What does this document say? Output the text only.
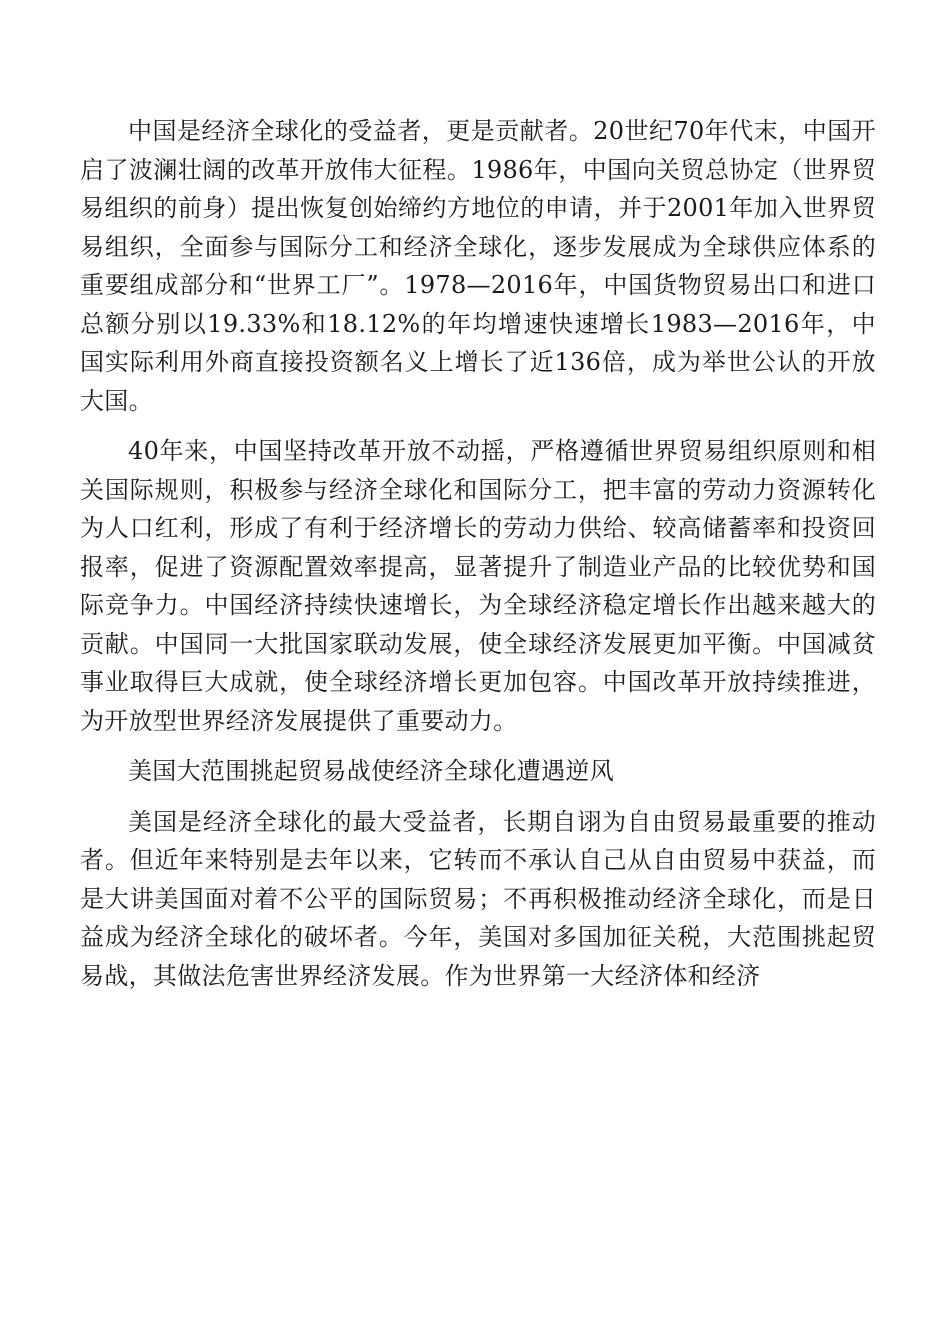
中国是经济全球化的受益者，更是贡献者。20世纪70年代末，中国开启了波澜壮阔的改革开放伟大征程。1986年，中国向关贸总协定（世界贸易组织的前身）提出恢复创始缔约方地位的申请，并于2001年加入世界贸易组织，全面参与国际分工和经济全球化，逐步发展成为全球供应体系的重要组成部分和“世界工厂”。1978—2016年，中国货物贸易出口和进口总额分别以19.33%和18.12%的年均增速快速增长1983—2016年，中国实际利用外商直接投资额名义上增长了近136倍，成为举世公认的开放大国。

40年来，中国坚持改革开放不动摇，严格遵循世界贸易组织原则和相关国际规则，积极参与经济全球化和国际分工，把丰富的劳动力资源转化为人口红利，形成了有利于经济增长的劳动力供给、较高储蓄率和投资回报率，促进了资源配置效率提高，显著提升了制造业产品的比较优势和国际竞争力。中国经济持续快速增长，为全球经济稳定增长作出越来越大的贡献。中国同一大批国家联动发展，使全球经济发展更加平衡。中国减贫事业取得巨大成就，使全球经济增长更加包容。中国改革开放持续推进，为开放型世界经济发展提供了重要动力。

美国大范围挑起贸易战使经济全球化遭遇逆风

美国是经济全球化的最大受益者，长期自诩为自由贸易最重要的推动者。但近年来特别是去年以来，它转而不承认自己从自由贸易中获益，而是大讲美国面对着不公平的国际贸易；不再积极推动经济全球化，而是日益成为经济全球化的破坏者。今年，美国对多国加征关税，大范围挑起贸易战，其做法危害世界经济发展。作为世界第一大经济体和经济
